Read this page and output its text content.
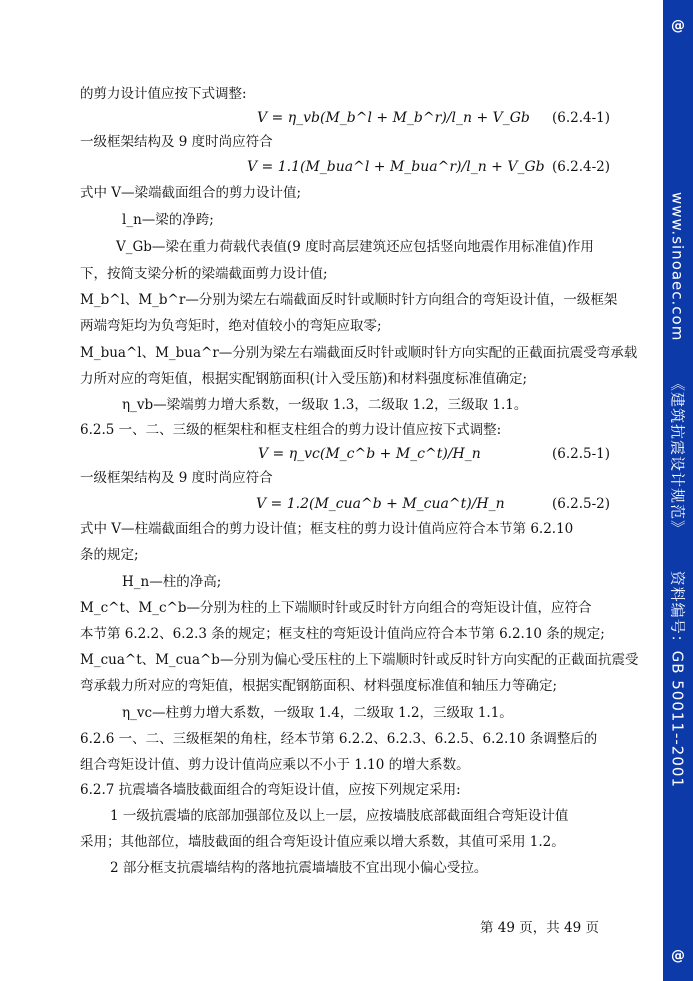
@
www.sinoaec.com      《建筑抗震设计规范》      资料编号：GB 50011--2001
@
的剪力设计值应按下式调整:
V = η_vb(M_b^l + M_b^r)/l_n + V_Gb (6.2.4-1)
一级框架结构及 9 度时尚应符合
V = 1.1(M_bua^l + M_bua^r)/l_n + V_Gb (6.2.4-2)
式中 V—梁端截面组合的剪力设计值;
l_n—梁的净跨;
V_Gb—梁在重力荷载代表值(9 度时高层建筑还应包括竖向地震作用标准值)作用
下，按简支梁分析的梁端截面剪力设计值;
M_b^l、M_b^r—分别为梁左右端截面反时针或顺时针方向组合的弯矩设计值，一级框架
两端弯矩均为负弯矩时，绝对值较小的弯矩应取零;
M_bua^l、M_bua^r—分别为梁左右端截面反时针或顺时针方向实配的正截面抗震受弯承载
力所对应的弯矩值，根据实配钢筋面积(计入受压筋)和材料强度标准值确定;
η_vb—梁端剪力增大系数，一级取 1.3，二级取 1.2，三级取 1.1。
6.2.5 一、二、三级的框架柱和框支柱组合的剪力设计值应按下式调整:
V = η_vc(M_c^b + M_c^t)/H_n	(6.2.5-1)
一级框架结构及 9 度时尚应符合
V = 1.2(M_cua^b + M_cua^t)/H_n	(6.2.5-2)
式中 V—柱端截面组合的剪力设计值；框支柱的剪力设计值尚应符合本节第 6.2.10
条的规定;
H_n—柱的净高;
M_c^t、M_c^b—分别为柱的上下端顺时针或反时针方向组合的弯矩设计值，应符合
本节第 6.2.2、6.2.3 条的规定；框支柱的弯矩设计值尚应符合本节第 6.2.10 条的规定;
M_cua^t、M_cua^b—分别为偏心受压柱的上下端顺时针或反时针方向实配的正截面抗震受
弯承载力所对应的弯矩值，根据实配钢筋面积、材料强度标准值和轴压力等确定;
η_vc—柱剪力增大系数，一级取 1.4，二级取 1.2，三级取 1.1。
6.2.6 一、二、三级框架的角柱，经本节第 6.2.2、6.2.3、6.2.5、6.2.10 条调整后的
组合弯矩设计值、剪力设计值尚应乘以不小于 1.10 的增大系数。
6.2.7 抗震墙各墙肢截面组合的弯矩设计值，应按下列规定采用:
1 一级抗震墙的底部加强部位及以上一层，应按墙肢底部截面组合弯矩设计值
采用；其他部位，墙肢截面的组合弯矩设计值应乘以增大系数，其值可采用 1.2。
2 部分框支抗震墙结构的落地抗震墙墙肢不宜出现小偏心受拉。
第 49 页，共 49 页
